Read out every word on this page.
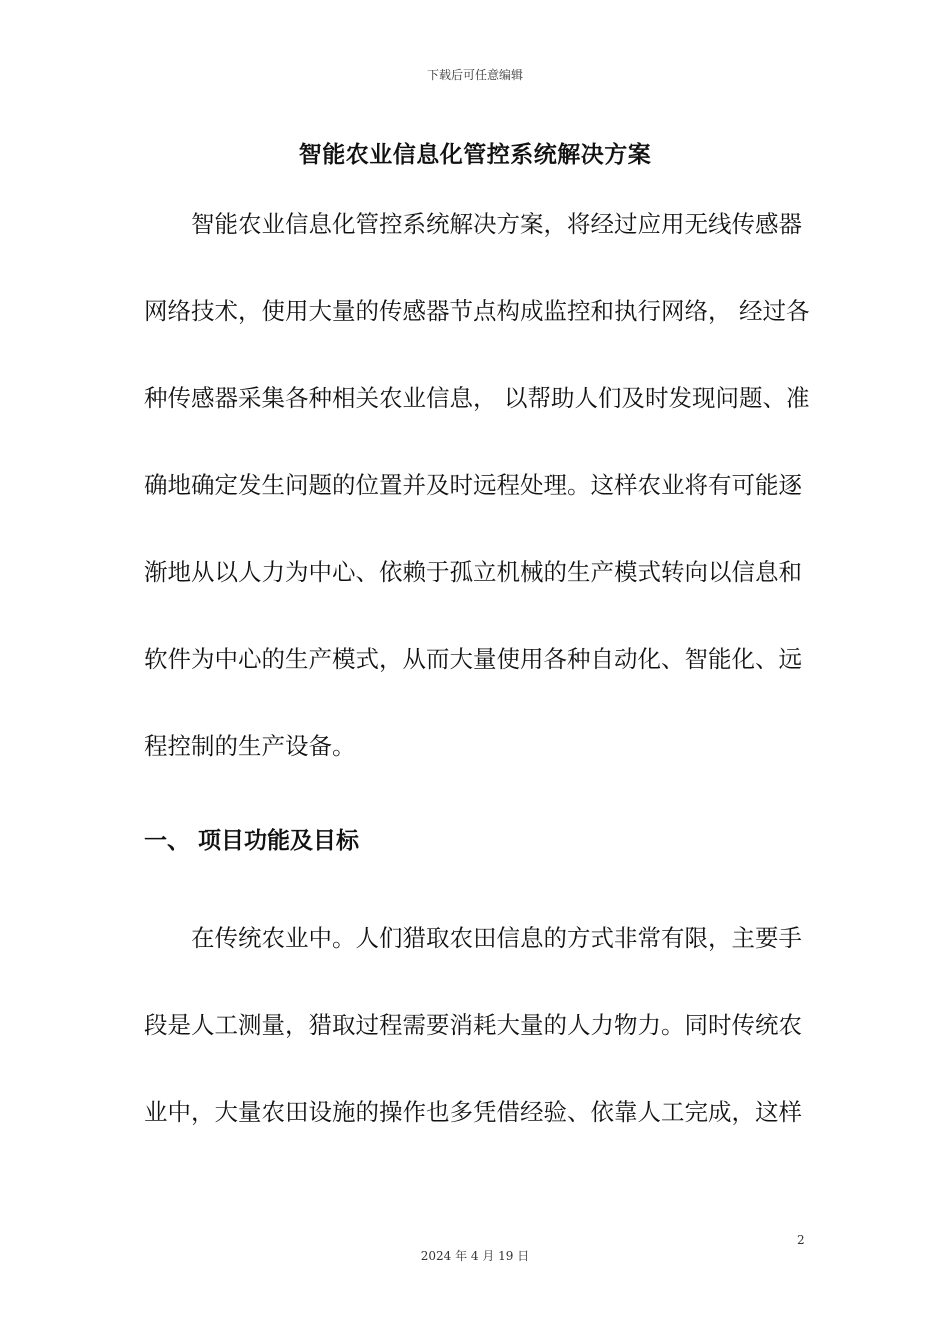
下载后可任意编辑
智能农业信息化管控系统解决方案

　　智能农业信息化管控系统解决方案，将经过应用无线传感器

网络技术，使用大量的传感器节点构成监控和执行网络， 经过各

种传感器采集各种相关农业信息， 以帮助人们及时发现问题、准

确地确定发生问题的位置并及时远程处理。这样农业将有可能逐

渐地从以人力为中心、依赖于孤立机械的生产模式转向以信息和

软件为中心的生产模式，从而大量使用各种自动化、智能化、远

程控制的生产设备。

一、 项目功能及目标

　　在传统农业中。人们猎取农田信息的方式非常有限，主要手

段是人工测量，猎取过程需要消耗大量的人力物力。同时传统农

业中，大量农田设施的操作也多凭借经验、依靠人工完成，这样

2
2024 年 4 月 19 日
